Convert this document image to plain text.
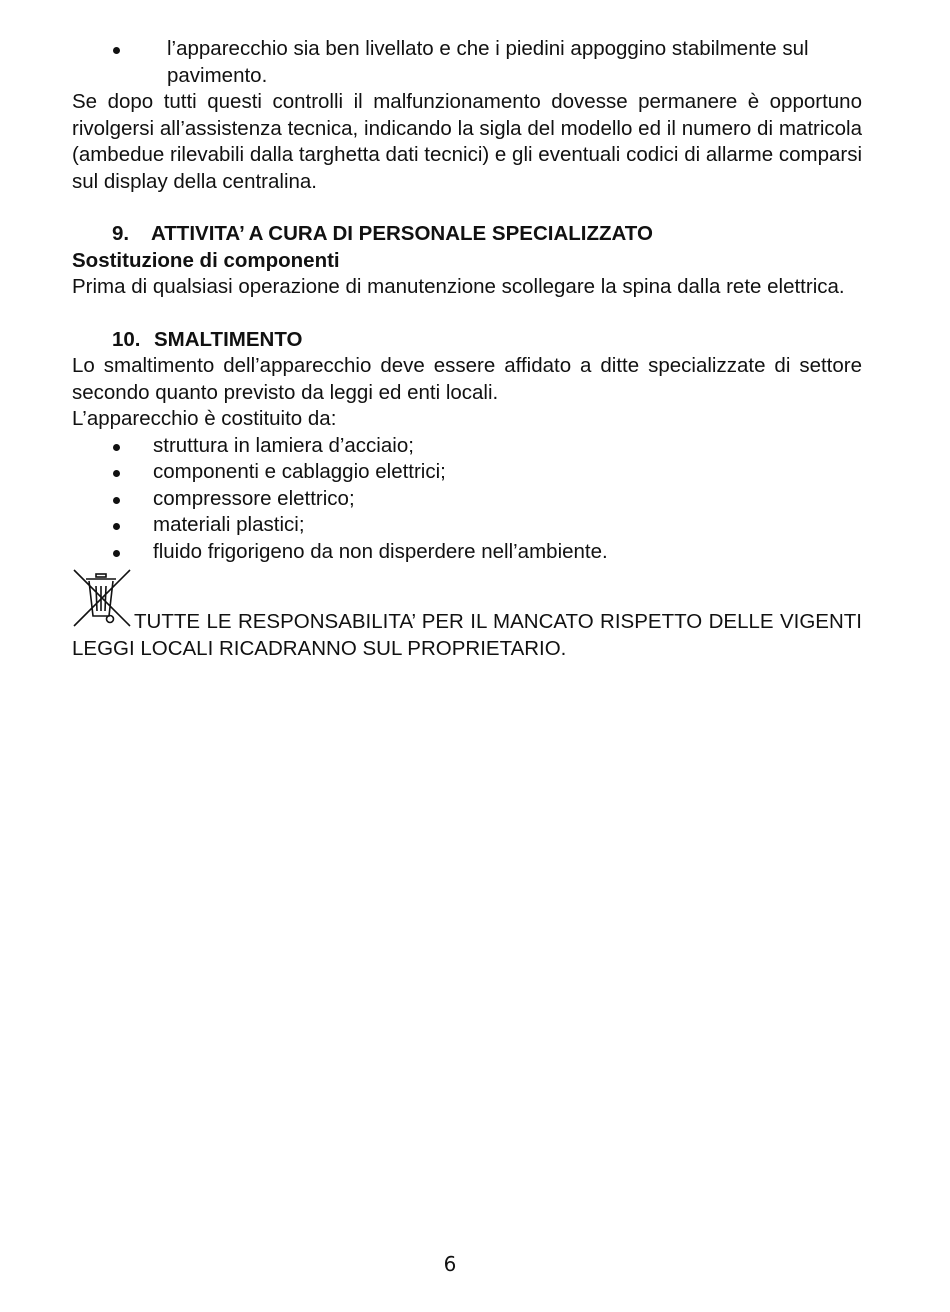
l’apparecchio sia ben livellato e che i piedini appoggino stabilmente sul pavimento.

Se dopo tutti questi controlli il malfunzionamento dovesse permanere è opportuno rivolgersi all’assistenza tecnica, indicando la sigla del modello ed il numero di matricola (ambedue rilevabili dalla targhetta dati tecnici) e gli eventuali codici di allarme comparsi sul display della centralina.

9.	ATTIVITA’ A CURA DI PERSONALE SPECIALIZZATO
Sostituzione di componenti

Prima di qualsiasi operazione di manutenzione scollegare la spina dalla rete elettrica.

10. SMALTIMENTO

Lo smaltimento dell’apparecchio deve essere affidato a ditte specializzate di settore secondo quanto previsto da leggi ed enti locali.

L’apparecchio è costituito da:

struttura in lamiera d’acciaio;
componenti e cablaggio elettrici;
compressore elettrico;
materiali plastici;
fluido frigorigeno da non disperdere nell’ambiente.

TUTTE LE RESPONSABILITA’ PER IL MANCATO RISPETTO DELLE VIGENTI LEGGI LOCALI RICADRANNO SUL PROPRIETARIO.

6
